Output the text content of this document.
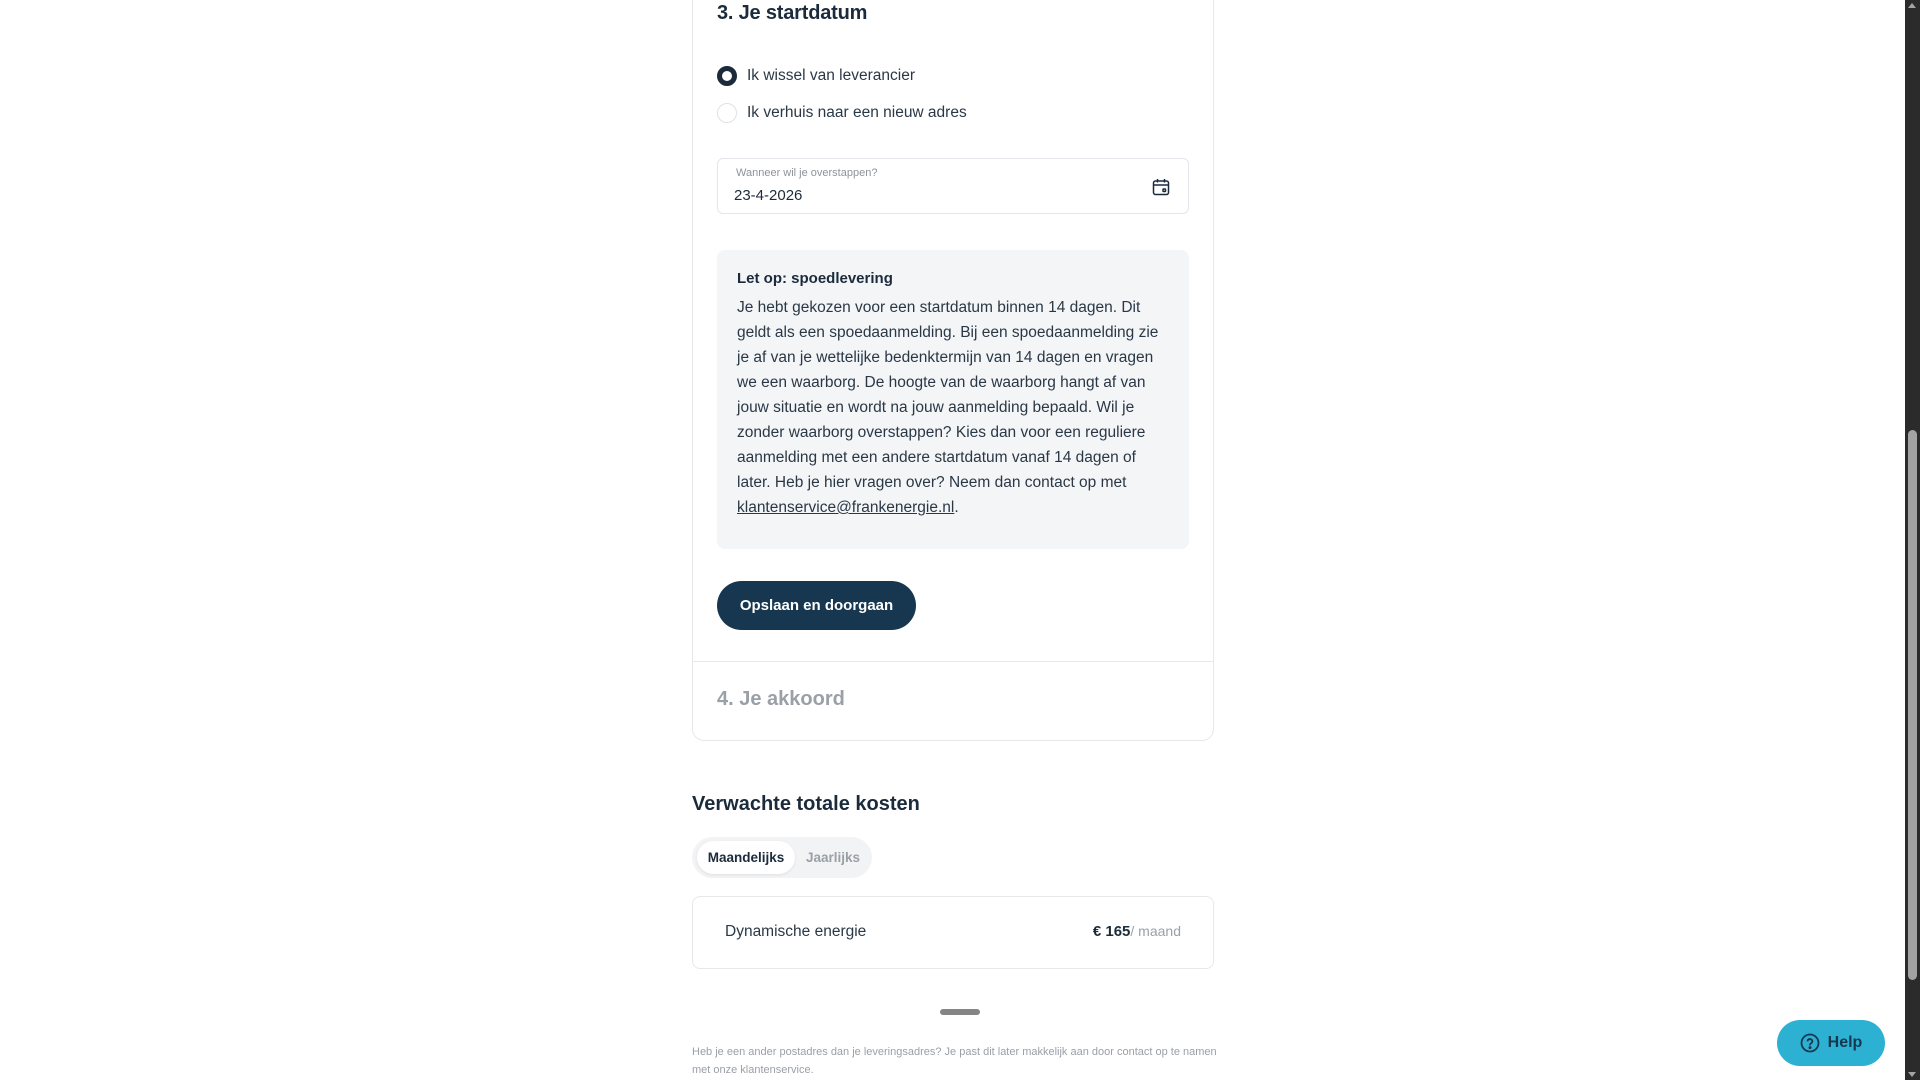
3. Je startdatum
Ik wissel van leverancier
Ik verhuis naar een nieuw adres
Wanneer wil je overstappen?
23-4-2026
Let op: spoedlevering
Je hebt gekozen voor een startdatum binnen 14 dagen. Dit geldt als een spoedaanmelding. Bij een spoedaanmelding zie je af van je wettelijke bedenktermijn van 14 dagen en vragen we een waarborg. De hoogte van de waarborg hangt af van jouw situatie en wordt na jouw aanmelding bepaald. Wil je zonder waarborg overstappen? Kies dan voor een reguliere aanmelding met een andere startdatum vanaf 14 dagen of later. Heb je hier vragen over? Neem dan contact op met klantenservice@frankenergie.nl.
Opslaan en doorgaan
4. Je akkoord
Verwachte totale kosten
Maandelijks	Jaarlijks
Dynamische energie	€ 165/ maand
Heb je een ander postadres dan je leveringsadres? Je past dit later makkelijk aan door contact op te namen met onze klantenservice.
Help
